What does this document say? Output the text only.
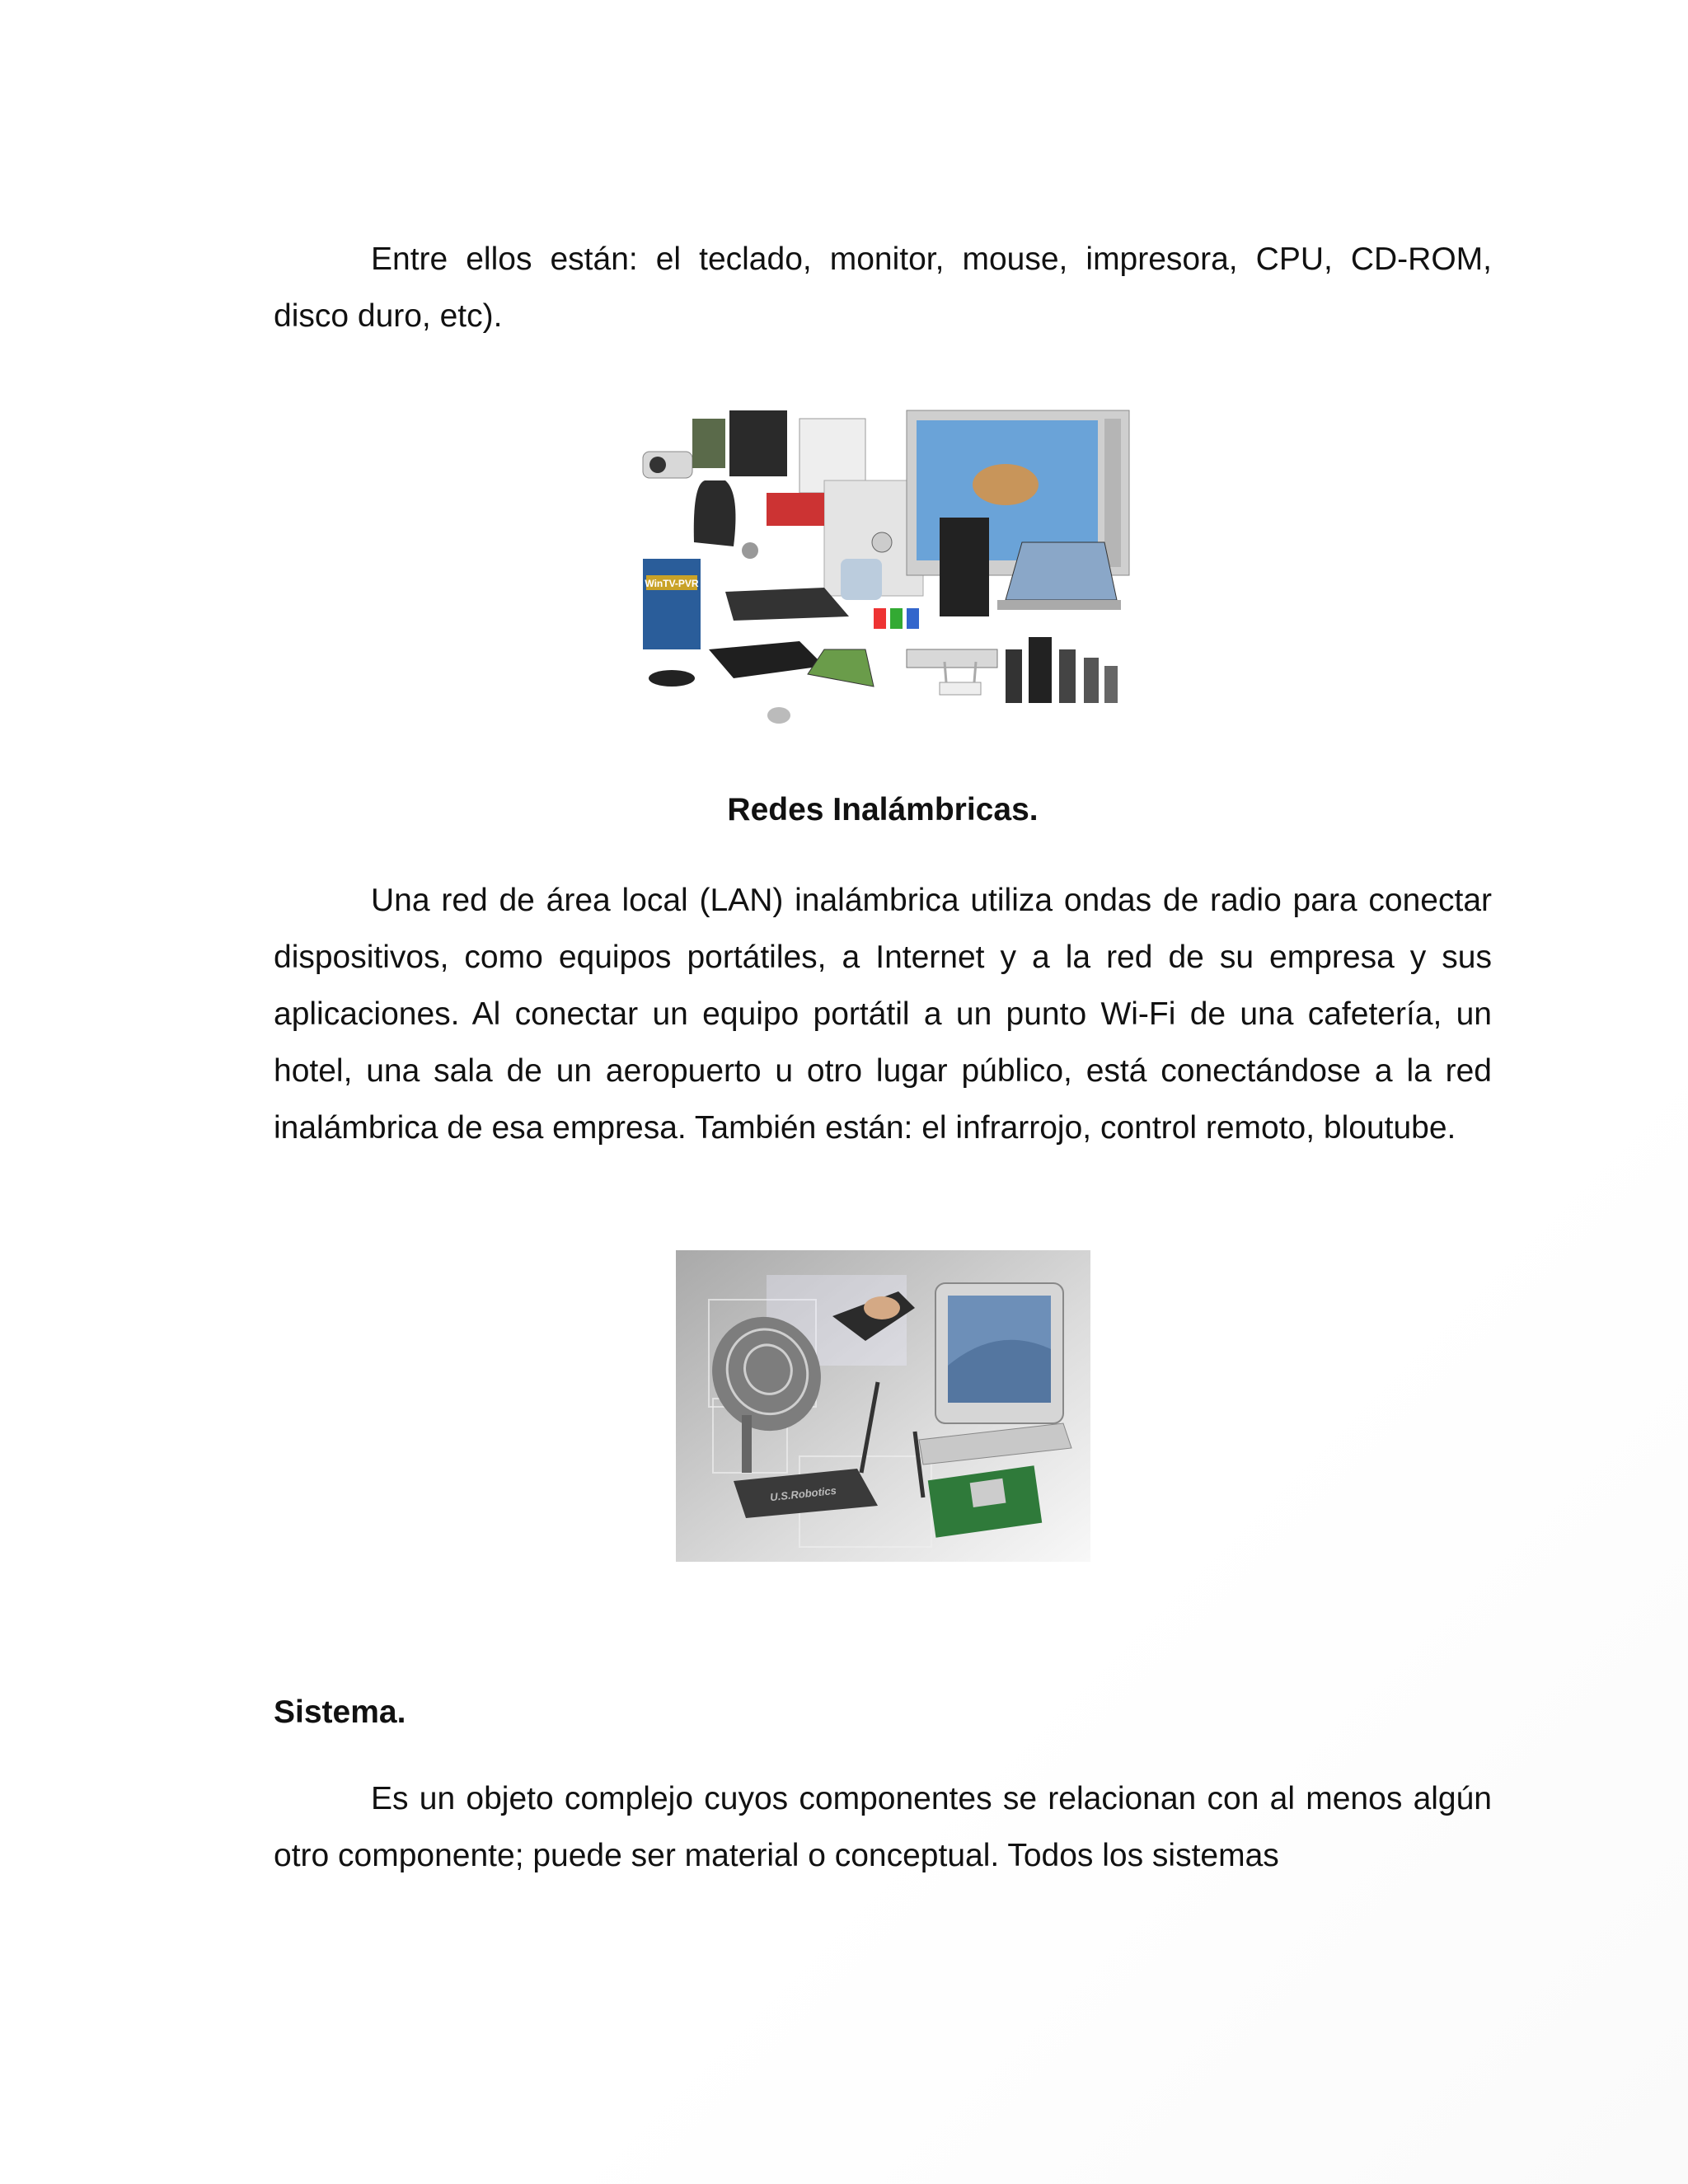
Entre ellos están: el teclado, monitor, mouse, impresora, CPU, CD-ROM, disco duro, etc).

WinTV-PVR
Redes Inalámbricas.

Una red de área local (LAN) inalámbrica utiliza ondas de radio para conectar dispositivos, como equipos portátiles, a Internet y a la red de su empresa y sus aplicaciones. Al conectar un equipo portátil a un punto Wi-Fi de una cafetería, un hotel, una sala de un aeropuerto u otro lugar público, está conectándose a la red inalámbrica de esa empresa. También están: el infrarrojo, control remoto, bloutube.

U.S.Robotics
Sistema.

Es un objeto complejo cuyos componentes se relacionan con al menos algún otro componente; puede ser material o conceptual. Todos los sistemas
